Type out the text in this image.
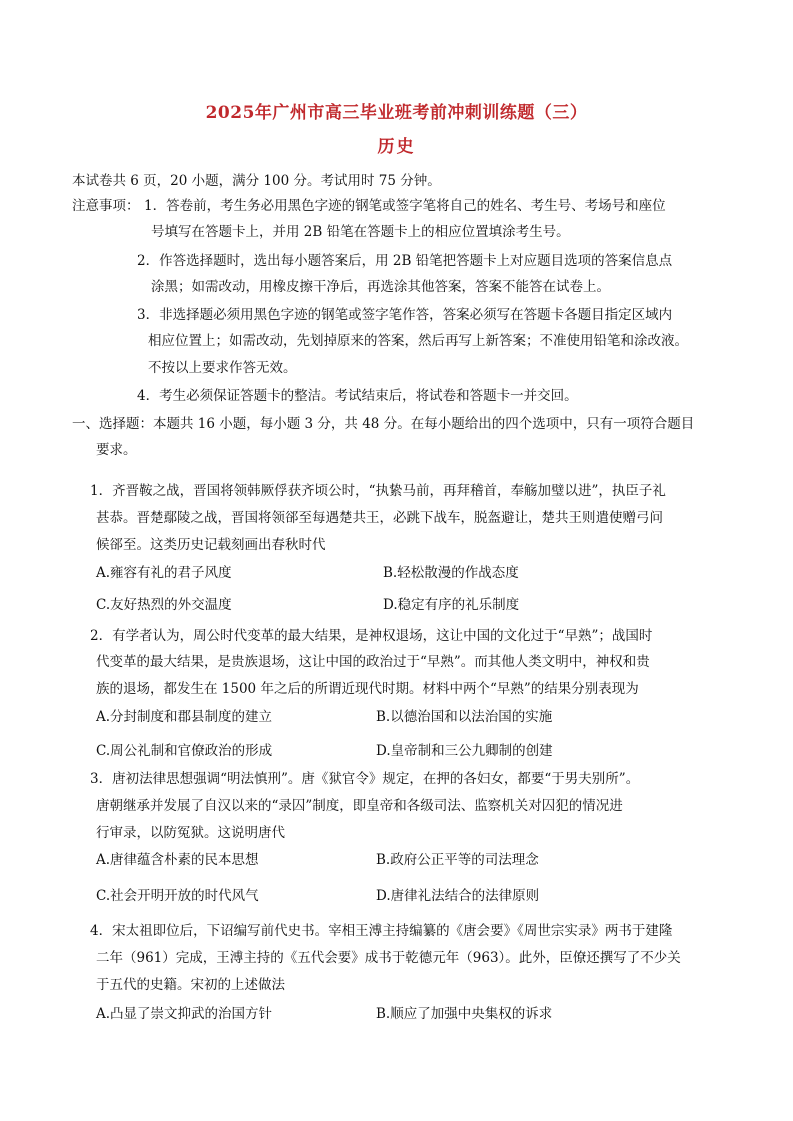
2025年广州市高三毕业班考前冲刺训练题（三）
历史
本试卷共 6 页，20 小题，满分 100 分。考试用时 75 分钟。
注意事项： 1．答卷前，考生务必用黑色字迹的钢笔或签字笔将自己的姓名、考生号、考场号和座位
号填写在答题卡上，并用 2B 铅笔在答题卡上的相应位置填涂考生号。
2．作答选择题时，选出每小题答案后，用 2B 铅笔把答题卡上对应题目选项的答案信息点
涂黑；如需改动，用橡皮擦干净后，再选涂其他答案，答案不能答在试卷上。
3．非选择题必须用黑色字迹的钢笔或签字笔作答，答案必须写在答题卡各题目指定区域内
相应位置上；如需改动，先划掉原来的答案，然后再写上新答案；不准使用铅笔和涂改液。
不按以上要求作答无效。
4．考生必须保证答题卡的整洁。考试结束后，将试卷和答题卡一并交回。
一、选择题：本题共 16 小题，每小题 3 分，共 48 分。在每小题给出的四个选项中，只有一项符合题目
要求。
1．齐晋鞍之战，晋国将领韩厥俘获齐顷公时，“执絷马前，再拜稽首，奉觞加璧以进”，执臣子礼
甚恭。晋楚鄢陵之战，晋国将领郤至每遇楚共王，必跳下战车，脱盔避让，楚共王则遣使赠弓问
候郤至。这类历史记载刻画出春秋时代
A.雍容有礼的君子风度	B.轻松散漫的作战态度
C.友好热烈的外交温度	D.稳定有序的礼乐制度
2．有学者认为，周公时代变革的最大结果，是神权退场，这让中国的文化过于“早熟”；战国时
代变革的最大结果，是贵族退场，这让中国的政治过于“早熟”。而其他人类文明中，神权和贵
族的退场，都发生在 1500 年之后的所谓近现代时期。材料中两个“早熟”的结果分别表现为
A.分封制度和郡县制度的建立	B.以德治国和以法治国的实施
C.周公礼制和官僚政治的形成	D.皇帝制和三公九卿制的创建
3．唐初法律思想强调“明法慎刑”。唐《狱官令》规定，在押的各妇女，都要“于男夫别所”。
唐朝继承并发展了自汉以来的“录囚”制度，即皇帝和各级司法、监察机关对囚犯的情况进
行审录，以防冤狱。这说明唐代
A.唐律蕴含朴素的民本思想	B.政府公正平等的司法理念
C.社会开明开放的时代风气	D.唐律礼法结合的法律原则
4．宋太祖即位后，下诏编写前代史书。宰相王溥主持编纂的《唐会要》《周世宗实录》两书于建隆
二年（961）完成，王溥主持的《五代会要》成书于乾德元年（963）。此外，臣僚还撰写了不少关
于五代的史籍。宋初的上述做法
A.凸显了崇文抑武的治国方针	B.顺应了加强中央集权的诉求
